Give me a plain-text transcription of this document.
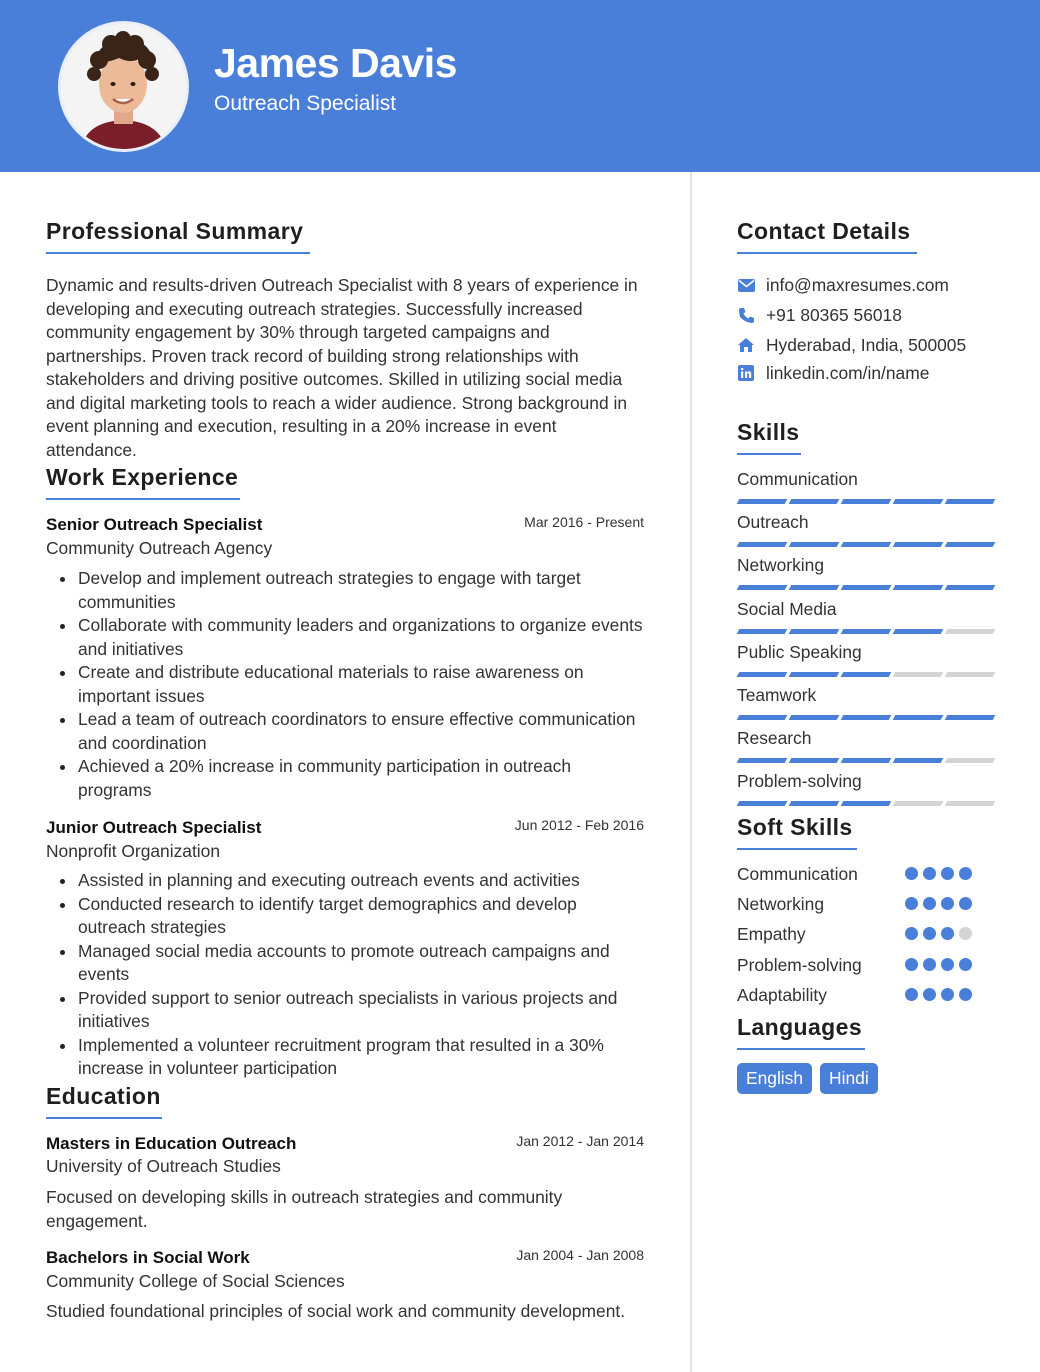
James Davis
Outreach Specialist
Professional Summary
Dynamic and results-driven Outreach Specialist with 8 years of experience in developing and executing outreach strategies. Successfully increased community engagement by 30% through targeted campaigns and partnerships. Proven track record of building strong relationships with stakeholders and driving positive outcomes. Skilled in utilizing social media and digital marketing tools to reach a wider audience. Strong background in event planning and execution, resulting in a 20% increase in event attendance.
Work Experience
Senior Outreach Specialist	Mar 2016 - Present
Community Outreach Agency
Develop and implement outreach strategies to engage with target communities
Collaborate with community leaders and organizations to organize events and initiatives
Create and distribute educational materials to raise awareness on important issues
Lead a team of outreach coordinators to ensure effective communication and coordination
Achieved a 20% increase in community participation in outreach programs
Junior Outreach Specialist	Jun 2012 - Feb 2016
Nonprofit Organization
Assisted in planning and executing outreach events and activities
Conducted research to identify target demographics and develop outreach strategies
Managed social media accounts to promote outreach campaigns and events
Provided support to senior outreach specialists in various projects and initiatives
Implemented a volunteer recruitment program that resulted in a 30% increase in volunteer participation
Education
Masters in Education Outreach	Jan 2012 - Jan 2014
University of Outreach Studies
Focused on developing skills in outreach strategies and community engagement.
Bachelors in Social Work	Jan 2004 - Jan 2008
Community College of Social Sciences
Studied foundational principles of social work and community development.
Contact Details
info@maxresumes.com
+91 80365 56018
Hyderabad, India, 500005
linkedin.com/in/name
Skills
Communication
Outreach
Networking
Social Media
Public Speaking
Teamwork
Research
Problem-solving
Soft Skills
Communication
Networking
Empathy
Problem-solving
Adaptability
Languages
English	Hindi
